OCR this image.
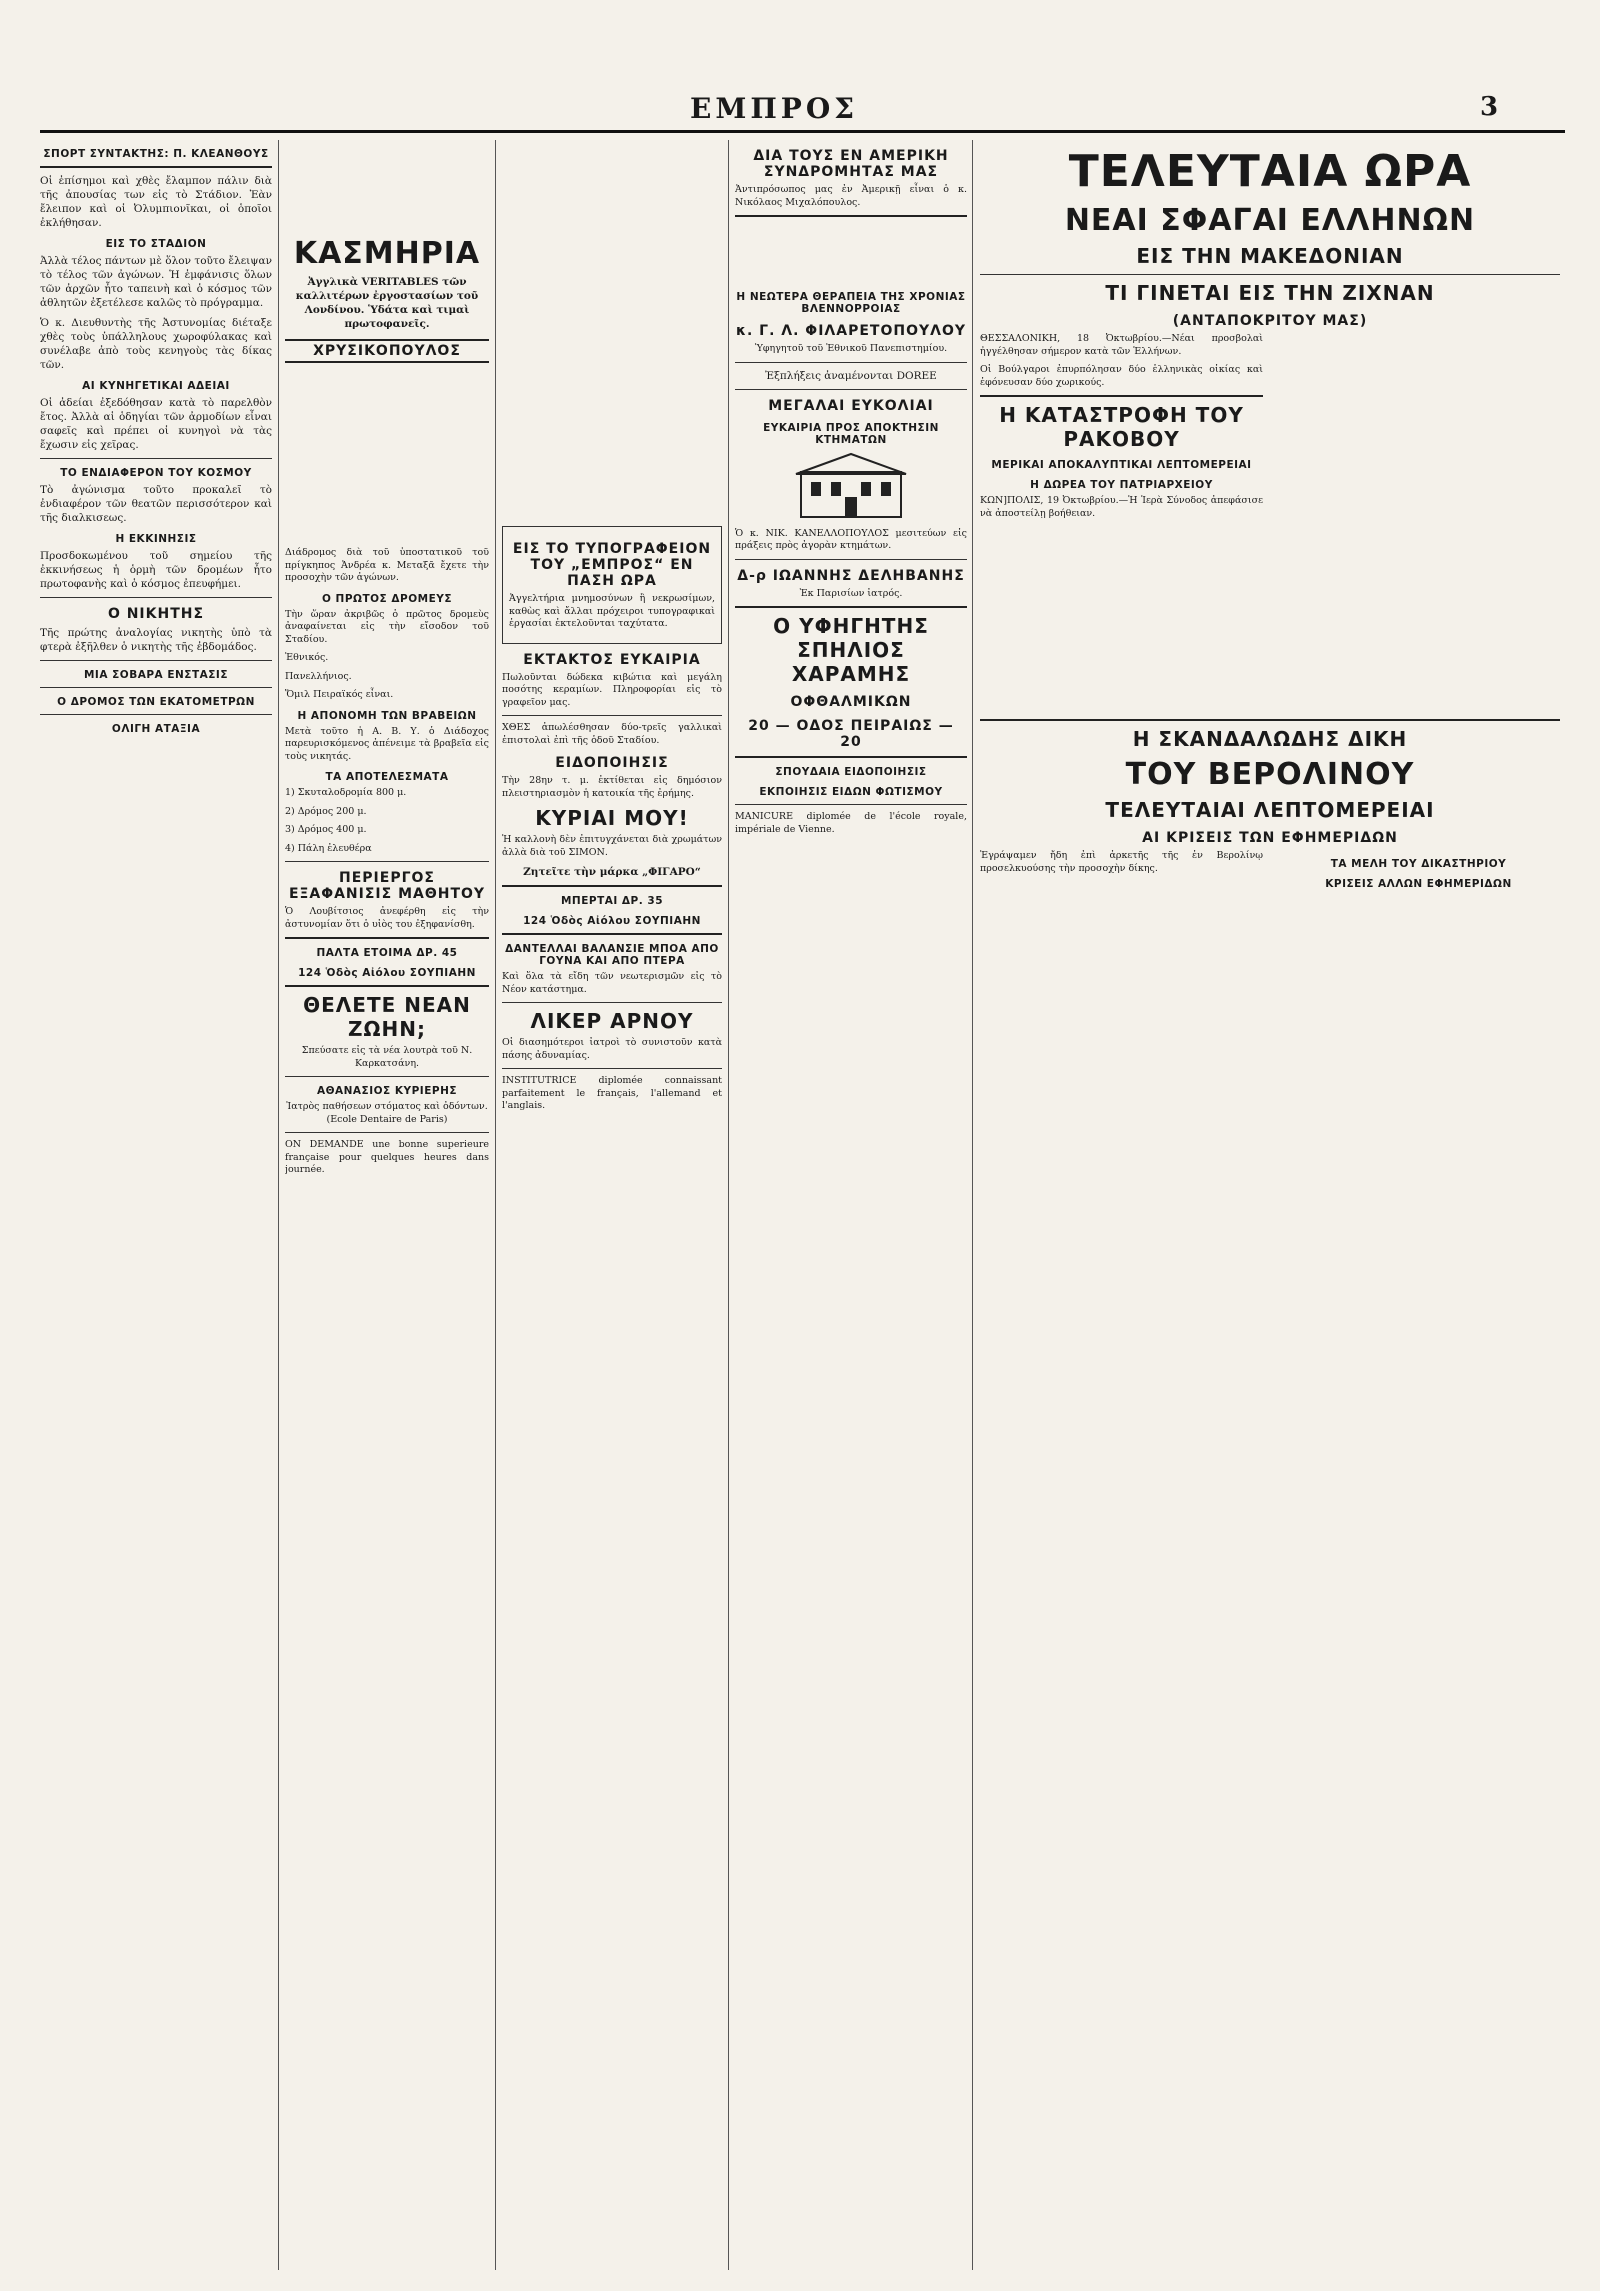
ΕΜΠΡΟΣ	3
ΣΠΟΡΤ ΣΥΝΤΑΚΤΗΣ: Π. ΚΛΕΑΝΘΟΥΣ

Οἱ ἐπίσημοι καὶ χθὲς ἔλαμπον πάλιν διὰ τῆς ἀπουσίας των εἰς τὸ Στάδιον. Ἐὰν ἔλειπον καὶ οἱ Ὀλυμπιονῖκαι, οἱ ὁποῖοι ἐκλήθησαν.

ΕΙΣ ΤΟ ΣΤΑΔΙΟΝ

Ἀλλὰ τέλος πάντων μὲ ὅλον τοῦτο ἔλειψαν τὸ τέλος τῶν ἀγώνων. Ἡ ἐμφάνισις ὅλων τῶν ἀρχῶν ἦτο ταπεινὴ καὶ ὁ κόσμος τῶν ἀθλητῶν ἐξετέλεσε καλῶς τὸ πρόγραμμα.

Ὁ κ. Διευθυντὴς τῆς Ἀστυνομίας διέταξε χθὲς τοὺς ὑπάλληλους χωροφύλακας καὶ συνέλαβε ἀπὸ τοὺς κενηγοὺς τὰς δίκας τῶν.

ΑΙ ΚΥΝΗΓΕΤΙΚΑΙ ΑΔΕΙΑΙ

Οἱ ἀδείαι ἐξεδόθησαν κατὰ τὸ παρελθὸν ἔτος. Ἀλλὰ αἱ ὁδηγίαι τῶν ἀρμοδίων εἶναι σαφεῖς καὶ πρέπει οἱ κυνηγοὶ νὰ τὰς ἔχωσιν εἰς χεῖρας.

ΤΟ ΕΝΔΙΑΦΕΡΟΝ ΤΟΥ ΚΟΣΜΟΥ

Τὸ ἀγώνισμα τοῦτο προκαλεῖ τὸ ἐνδιαφέρον τῶν θεατῶν περισσότερον καὶ τῆς διαλκισεως.

Η ΕΚΚΙΝΗΣΙΣ

Προσδοκωμένου τοῦ σημείου τῆς ἐκκινήσεως ἡ ὁρμὴ τῶν δρομέων ἦτο πρωτοφανὴς καὶ ὁ κόσμος ἐπευφήμει.

Ο ΝΙΚΗΤΗΣ

Τῆς πρώτης ἀναλογίας νικητὴς ὑπὸ τὰ φτερὰ ἐξῆλθεν ὁ νικητὴς τῆς ἐβδομάδος.

ΜΙΑ ΣΟΒΑΡΑ ΕΝΣΤΑΣΙΣ
Ο ΔΡΟΜΟΣ ΤΩΝ ΕΚΑΤΟΜΕΤΡΩΝ
ΟΛΙΓΗ ΑΤΑΞΙΑ
ΚΑΣΜΗΡΙΑ

Ἀγγλικὰ VERITABLES τῶν καλλιτέρων ἐργοστασίων τοῦ Λονδίνου. Ὑδάτα καὶ τιμαὶ πρωτοφανεῖς.

ΧΡΥΣΙΚΟΠΟΥΛΟΣ

Διάδρομος διὰ τοῦ ὑποστατικοῦ τοῦ πρίγκηπος Ἀνδρέα κ. Μεταξᾶ ἔχετε τὴν προσοχὴν τῶν ἀγώνων.

Ο ΠΡΩΤΟΣ ΔΡΟΜΕΥΣ

Τὴν ὥραν ἀκριβῶς ὁ πρῶτος δρομεὺς ἀναφαίνεται εἰς τὴν εἴσοδον τοῦ Σταδίου.

Ἐθνικός.

Πανελλήνιος.

Ὅμιλ Πειραϊκός εἶναι.

Η ΑΠΟΝΟΜΗ ΤΩΝ ΒΡΑΒΕΙΩΝ

Μετὰ τοῦτο ἡ Α. Β. Υ. ὁ Διάδοχος παρευρισκόμενος ἀπένειμε τὰ βραβεῖα εἰς τοὺς νικητάς.

ΤΑ ΑΠΟΤΕΛΕΣΜΑΤΑ

1) Σκυταλοδρομία 800 μ.

2) Δρόμος 200 μ.

3) Δρόμος 400 μ.

4) Πάλη ἐλευθέρα

ΠΕΡΙΕΡΓΟΣ ΕΞΑΦΑΝΙΣΙΣ ΜΑΘΗΤΟΥ

Ὁ Λουβίτσιος ἀνεφέρθη εἰς τὴν ἀστυνομίαν ὅτι ὁ υἱὸς του ἐξηφανίσθη.

ΠΑΛΤΑ ΕΤΟΙΜΑ ΔΡ. 45
124 Ὁδὸς Αἰόλου ΣΟΥΠΙΑΗΝ
ΘΕΛΕΤΕ ΝΕΑΝ ΖΩΗΝ;

Σπεύσατε εἰς τὰ νέα λουτρὰ τοῦ Ν. Καρκατσάνη.

ΑΘΑΝΑΣΙΟΣ ΚΥΡΙΕΡΗΣ

Ἰατρὸς παθήσεων στόματος καὶ ὀδόντων. (Ecole Dentaire de Paris)

ON DEMANDE une bonne superieure française pour quelques heures dans journée.

ΕΙΣ ΤΟ ΤΥΠΟΓΡΑΦΕΙΟΝ ΤΟΥ „ΕΜΠΡΟΣ“ ΕΝ ΠΑΣΗ ΩΡΑ

Ἀγγελτήρια μνημοσύνων ἢ νεκρωσίμων, καθὼς καὶ ἄλλαι πρόχειροι τυπογραφικαὶ ἐργασίαι ἐκτελοῦνται ταχύτατα.

ΕΚΤΑΚΤΟΣ ΕΥΚΑΙΡΙΑ

Πωλοῦνται δώδεκα κιβώτια καὶ μεγάλη ποσότης κεραμίων. Πληροφορίαι εἰς τὸ γραφεῖον μας.

ΧΘΕΣ ἀπωλέσθησαν δύο-τρεῖς γαλλικαὶ ἐπιστολαὶ ἐπὶ τῆς ὁδοῦ Σταδίου.

ΕΙΔΟΠΟΙΗΣΙΣ

Τὴν 28ην τ. μ. ἐκτίθεται εἰς δημόσιον πλειστηριασμὸν ἡ κατοικία τῆς ἐρήμης.

ΚΥΡΙΑΙ ΜΟΥ!

Ἡ καλλονὴ δὲν ἐπιτυγχάνεται διὰ χρωμάτων ἀλλὰ διὰ τοῦ ΣΙΜΟΝ.

Ζητεῖτε τὴν μάρκα „ΦΙΓΑΡΟ“

ΜΠΕΡΤΑΙ ΔΡ. 35
124 Ὁδὸς Αἰόλου ΣΟΥΠΙΑΗΝ
ΔΑΝΤΕΛΛΑΙ ΒΑΛΑΝΣΙΕ ΜΠΟΑ ΑΠΟ ΓΟΥΝΑ ΚΑΙ ΑΠΟ ΠΤΕΡΑ

Καὶ ὅλα τὰ εἴδη τῶν νεωτερισμῶν εἰς τὸ Νέον κατάστημα.

ΛΙΚΕΡ ΑΡΝΟΥ

Οἱ διασημότεροι ἰατροὶ τὸ συνιστοῦν κατὰ πάσης ἀδυναμίας.

INSTITUTRICE diplomée connaissant parfaitement le français, l'allemand et l'anglais.

ΔΙΑ ΤΟΥΣ ΕΝ ΑΜΕΡΙΚΗ ΣΥΝΔΡΟΜΗΤΑΣ ΜΑΣ

Ἀντιπρόσωπος μας ἐν Ἀμερικῇ εἶναι ὁ κ. Νικόλαος Μιχαλόπουλος.

Η ΝΕΩΤΕΡΑ ΘΕΡΑΠΕΙΑ ΤΗΣ ΧΡΟΝΙΑΣ ΒΛΕΝΝΟΡΡΟΙΑΣ
κ. Γ. Λ. ΦΙΛΑΡΕΤΟΠΟΥΛΟΥ

Ὑφηγητοῦ τοῦ Ἐθνικοῦ Πανεπιστημίου.

Ἐξπλήξεις ἀναμένονται DOREE

ΜΕΓΑΛΑΙ ΕΥΚΟΛΙΑΙ
ΕΥΚΑΙΡΙΑ ΠΡΟΣ ΑΠΟΚΤΗΣΙΝ ΚΤΗΜΑΤΩΝ

Ὁ κ. ΝΙΚ. ΚΑΝΕΛΛΟΠΟΥΛΟΣ μεσιτεύων εἰς πράξεις πρὸς ἀγορὰν κτημάτων.

Δ-ρ ΙΩΑΝΝΗΣ ΔΕΛΗΒΑΝΗΣ

Ἐκ Παρισίων ἰατρός.

Ο ΥΦΗΓΗΤΗΣ ΣΠΗΛΙΟΣ ΧΑΡΑΜΗΣ
ΟΦΘΑΛΜΙΚΩΝ
20 — ΟΔΟΣ ΠΕΙΡΑΙΩΣ — 20
ΣΠΟΥΔΑΙΑ ΕΙΔΟΠΟΙΗΣΙΣ
ΕΚΠΟΙΗΣΙΣ ΕΙΔΩΝ ΦΩΤΙΣΜΟΥ

MANICURE diplomée de l'école royale, impériale de Vienne.

ΤΕΛΕΥΤΑΙΑ ΩΡΑ
ΝΕΑΙ ΣΦΑΓΑΙ ΕΛΛΗΝΩΝ
ΕΙΣ ΤΗΝ ΜΑΚΕΔΟΝΙΑΝ
ΤΙ ΓΙΝΕΤΑΙ ΕΙΣ ΤΗΝ ΖΙΧΝΑΝ
(ΑΝΤΑΠΟΚΡΙΤΟΥ ΜΑΣ)

ΘΕΣΣΑΛΟΝΙΚΗ, 18 Ὀκτωβρίου.—Νέαι προσβολαὶ ἠγγέλθησαν σήμερον κατὰ τῶν Ἑλλήνων.

Οἱ Βούλγαροι ἐπυρπόλησαν δύο ἑλληνικὰς οἰκίας καὶ ἐφόνευσαν δύο χωρικούς.

Η ΚΑΤΑΣΤΡΟΦΗ ΤΟΥ ΡΑΚΟΒΟΥ
ΜΕΡΙΚΑΙ ΑΠΟΚΑΛΥΠΤΙΚΑΙ ΛΕΠΤΟΜΕΡΕΙΑΙ
Η ΔΩΡΕΑ ΤΟΥ ΠΑΤΡΙΑΡΧΕΙΟΥ

ΚΩΝ]ΠΟΛΙΣ, 19 Ὀκτωβρίου.—Ἡ Ἱερὰ Σύνοδος ἀπεφάσισε νὰ ἀποστείλῃ βοήθειαν.

Η ΣΚΑΝΔΑΛΩΔΗΣ ΔΙΚΗ
ΤΟΥ ΒΕΡΟΛΙΝΟΥ
ΤΕΛΕΥΤΑΙΑΙ ΛΕΠΤΟΜΕΡΕΙΑΙ
ΑΙ ΚΡΙΣΕΙΣ ΤΩΝ ΕΦΗΜΕΡΙΔΩΝ

Ἐγράψαμεν ἤδη ἐπὶ ἀρκετῆς τῆς ἐν Βερολίνῳ προσελκυούσης τὴν προσοχὴν δίκης.	ΤΑ ΜΕΛΗ ΤΟΥ ΔΙΚΑΣΤΗΡΙΟΥ
ΚΡΙΣΕΙΣ ΑΛΛΩΝ ΕΦΗΜΕΡΙΔΩΝ
